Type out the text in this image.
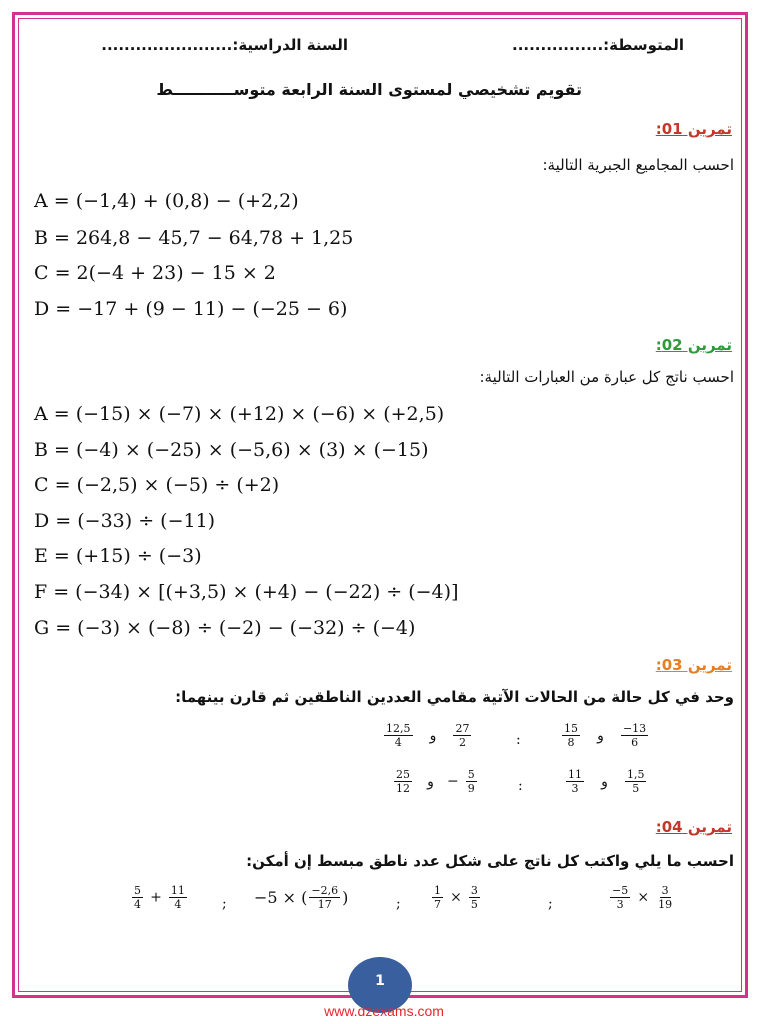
المتوسطة:................
السنة الدراسية:.......................
تقويم تشخيصي لمستوى السنة الرابعة متوســـــــــــط
تمرين 01:
احسب المجاميع الجبرية التالية:
A = (−1,4) + (0,8) − (+2,2)
B = 264,8 − 45,7 − 64,78 + 1,25
C = 2(−4 + 23) − 15 × 2
D = −17 + (9 − 11) − (−25 − 6)
تمرين 02:
احسب ناتج كل عبارة من العبارات التالية:
A = (−15) × (−7) × (+12) × (−6) × (+2,5)
B = (−4) × (−25) × (−5,6) × (3) × (−15)
C = (−2,5) × (−5) ÷ (+2)
D = (−33) ÷ (−11)
E = (+15) ÷ (−3)
F = (−34) × [(+3,5) × (+4) − (−22) ÷ (−4)]
G = (−3) × (−8) ÷ (−2) − (−32) ÷ (−4)
تمرين 03:
وحد في كل حالة من الحالات الآتية مقامي العددين الناطقين ثم قارن بينهما:
$\frac{12,5}{4}$ و $\frac{27}{2}$	:	$\frac{15}{8}$ و $\frac{-13}{6}$
$\frac{25}{12}$ و − $\frac{5}{9}$	:	$\frac{11}{3}$ و $\frac{1,5}{5}$
تمرين 04:
احسب ما يلي واكتب كل ناتج على شكل عدد ناطق مبسط إن أمكن:
$\frac{5}{4} + \frac{11}{4}$	; −5 × ( $\frac{-2,6}{17}$ )	;	$\frac{1}{7} \times \frac{3}{5}$	;	$\frac{-5}{3} \times \frac{3}{19}$
1
www.dzexams.com
